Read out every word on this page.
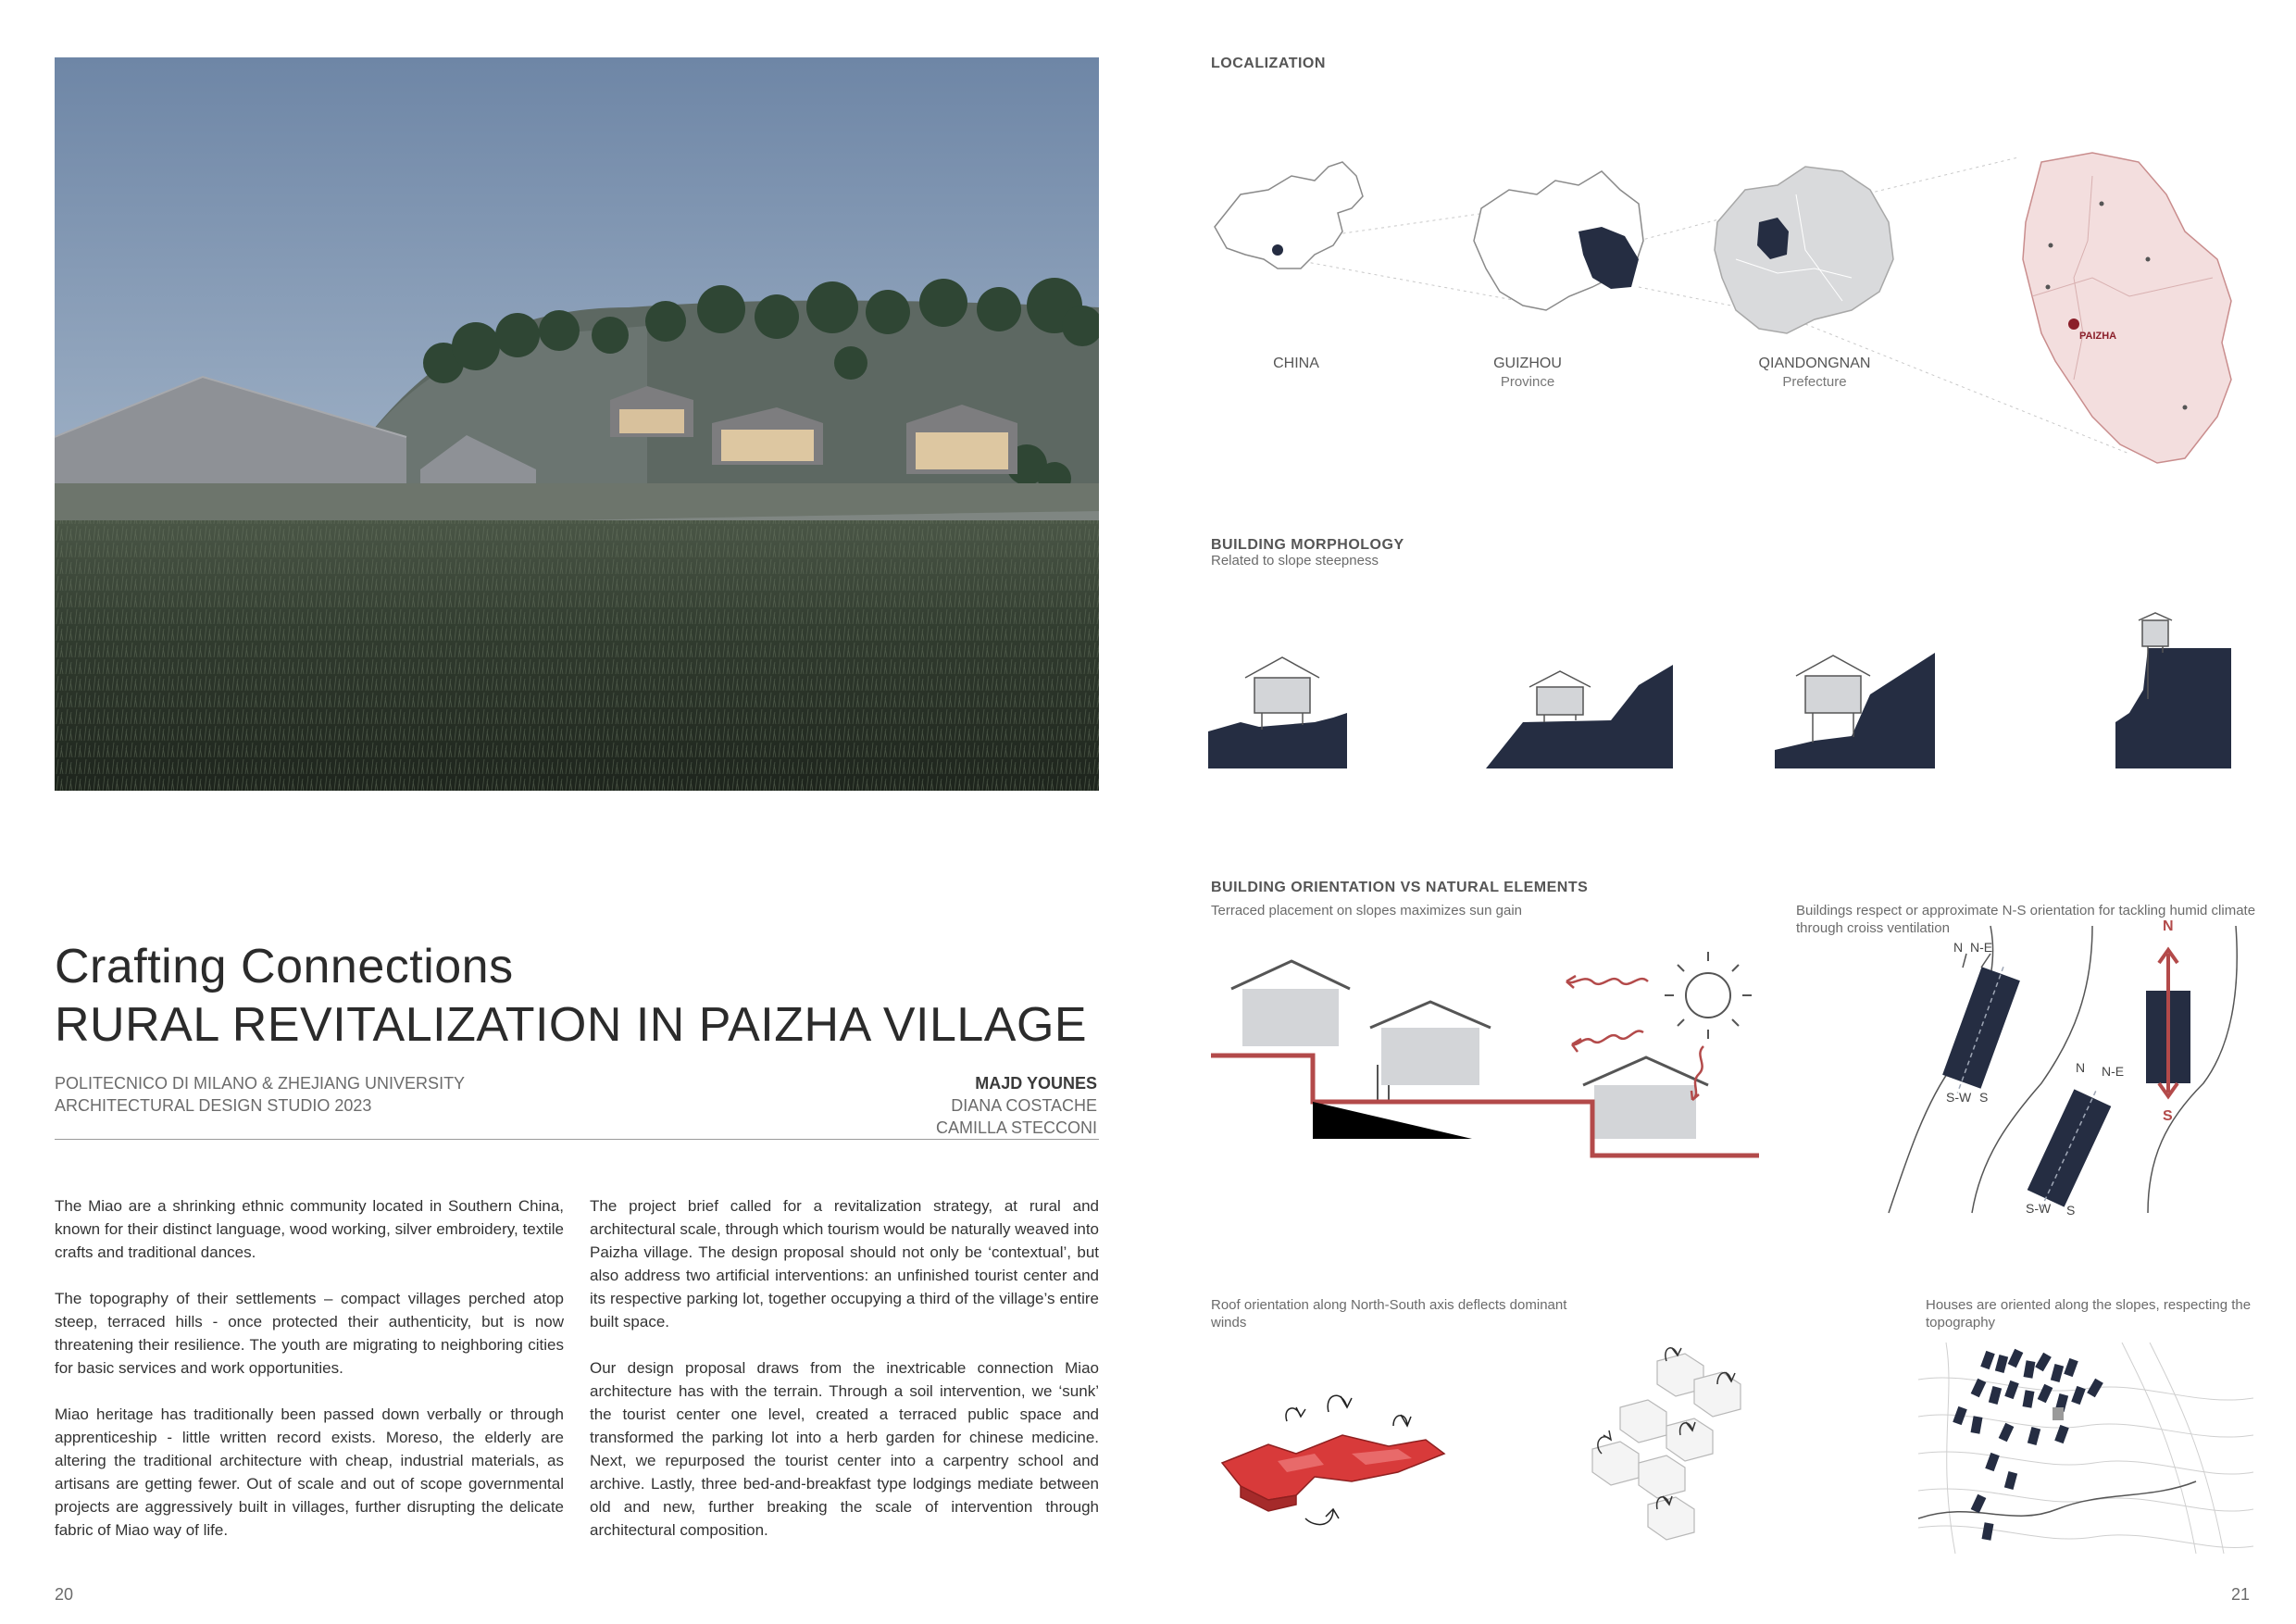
Crafting Connections
RURAL REVITALIZATION IN PAIZHA VILLAGE
POLITECNICO DI MILANO & ZHEJIANG UNIVERSITY
ARCHITECTURAL DESIGN STUDIO 2023
MAJD YOUNES
DIANA COSTACHE
CAMILLA STECCONI

The Miao are a shrinking ethnic community located in Southern China, known for their distinct language, wood working, silver embroidery, textile crafts and traditional dances.

The topography of their settlements – compact villages perched atop steep, terraced hills - once protected their authenticity, but is now threatening their resilience. The youth are migrating to neighboring cities for basic services and work opportunities.

Miao heritage has traditionally been passed down verbally or through apprenticeship - little written record exists. Moreso, the elderly are altering the traditional architecture with cheap, industrial materials, as artisans are getting fewer. Out of scale and out of scope governmental projects are aggressively built in villages, further disrupting the delicate fabric of Miao way of life.

The project brief called for a revitalization strategy, at rural and architectural scale, through which tourism would be naturally weaved into Paizha village. The design proposal should not only be ‘contextual’, but also address two artificial interventions: an unfinished tourist center and its respective parking lot, together occupying a third of the village’s entire built space.

Our design proposal draws from the inextricable connection Miao architecture has with the terrain. Through a soil intervention, we ‘sunk’ the tourist center one level, created a terraced public space and transformed the parking lot into a herb garden for chinese medicine. Next, we repurposed the tourist center into a carpentry school and archive. Lastly, three bed-and-breakfast type lodgings mediate between old and new, further breaking the scale of intervention through architectural composition.

20
LOCALIZATION
PAIZHA
CHINA	GUIZHOU
Province
QIANDONGNAN
Prefecture
BUILDING MORPHOLOGY
Related to slope steepness
BUILDING ORIENTATION VS NATURAL ELEMENTS
Terraced placement on slopes maximizes sun gain	Buildings respect or approximate N-S orientation for tackling humid climate through croiss ventilation
N N-E
S-W S
N N-E
S-W S
N
S
Roof orientation along North-South axis deflects dominant winds
Houses are oriented along the slopes, respecting the topography
21
